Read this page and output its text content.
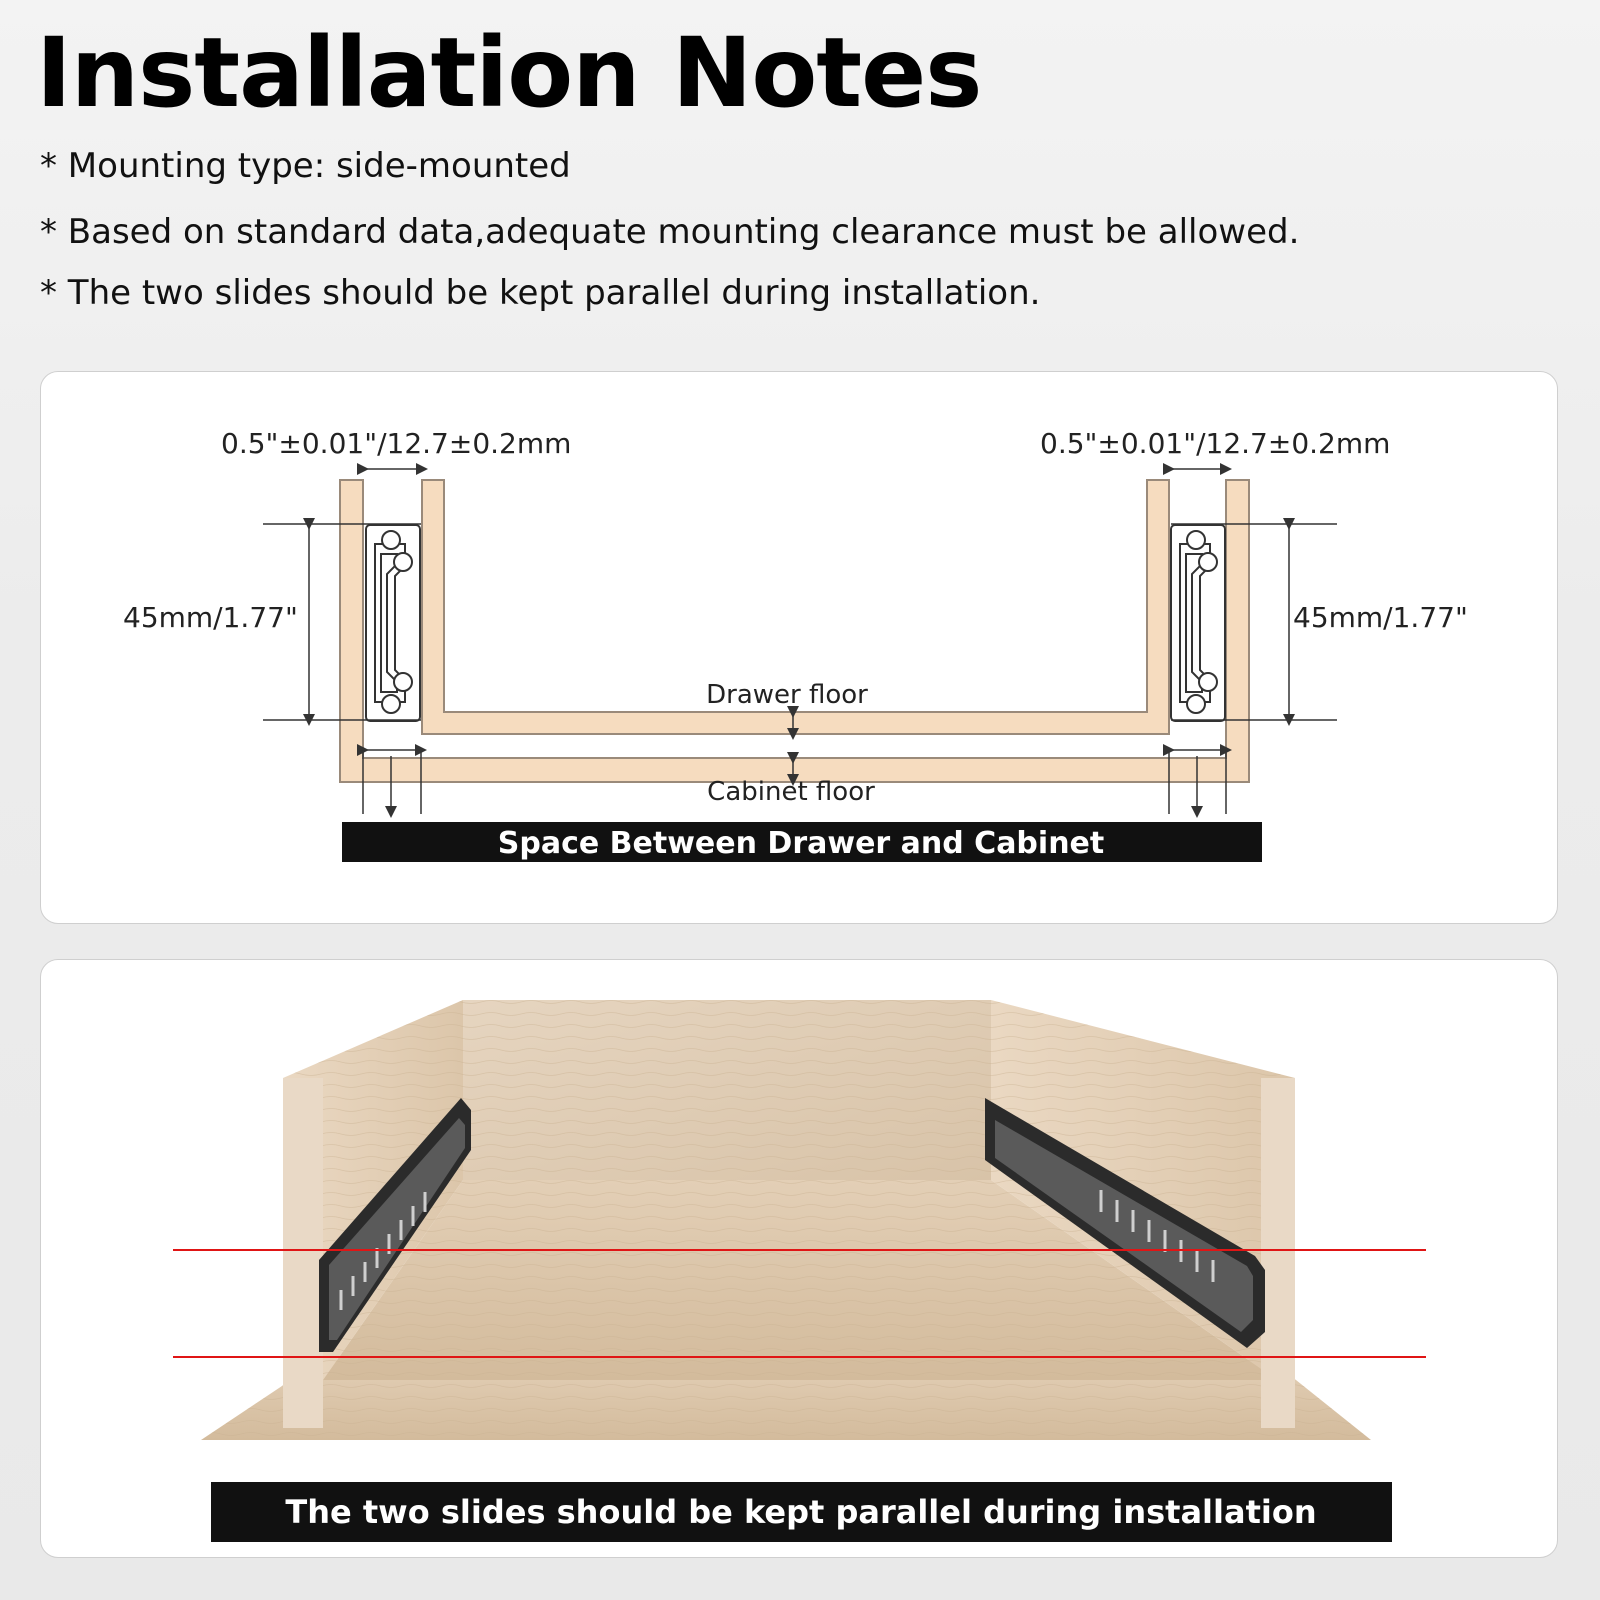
Installation Notes
* Mounting type: side-mounted
* Based on standard data,adequate mounting clearance must be allowed.
* The two slides should be kept parallel during installation.
0.5"±0.01"/12.7±0.2mm	0.5"±0.01"/12.7±0.2mm
45mm/1.77"	45mm/1.77"
Drawer floor
Cabinet floor
Space Between Drawer and Cabinet
The two slides should be kept parallel during installation
